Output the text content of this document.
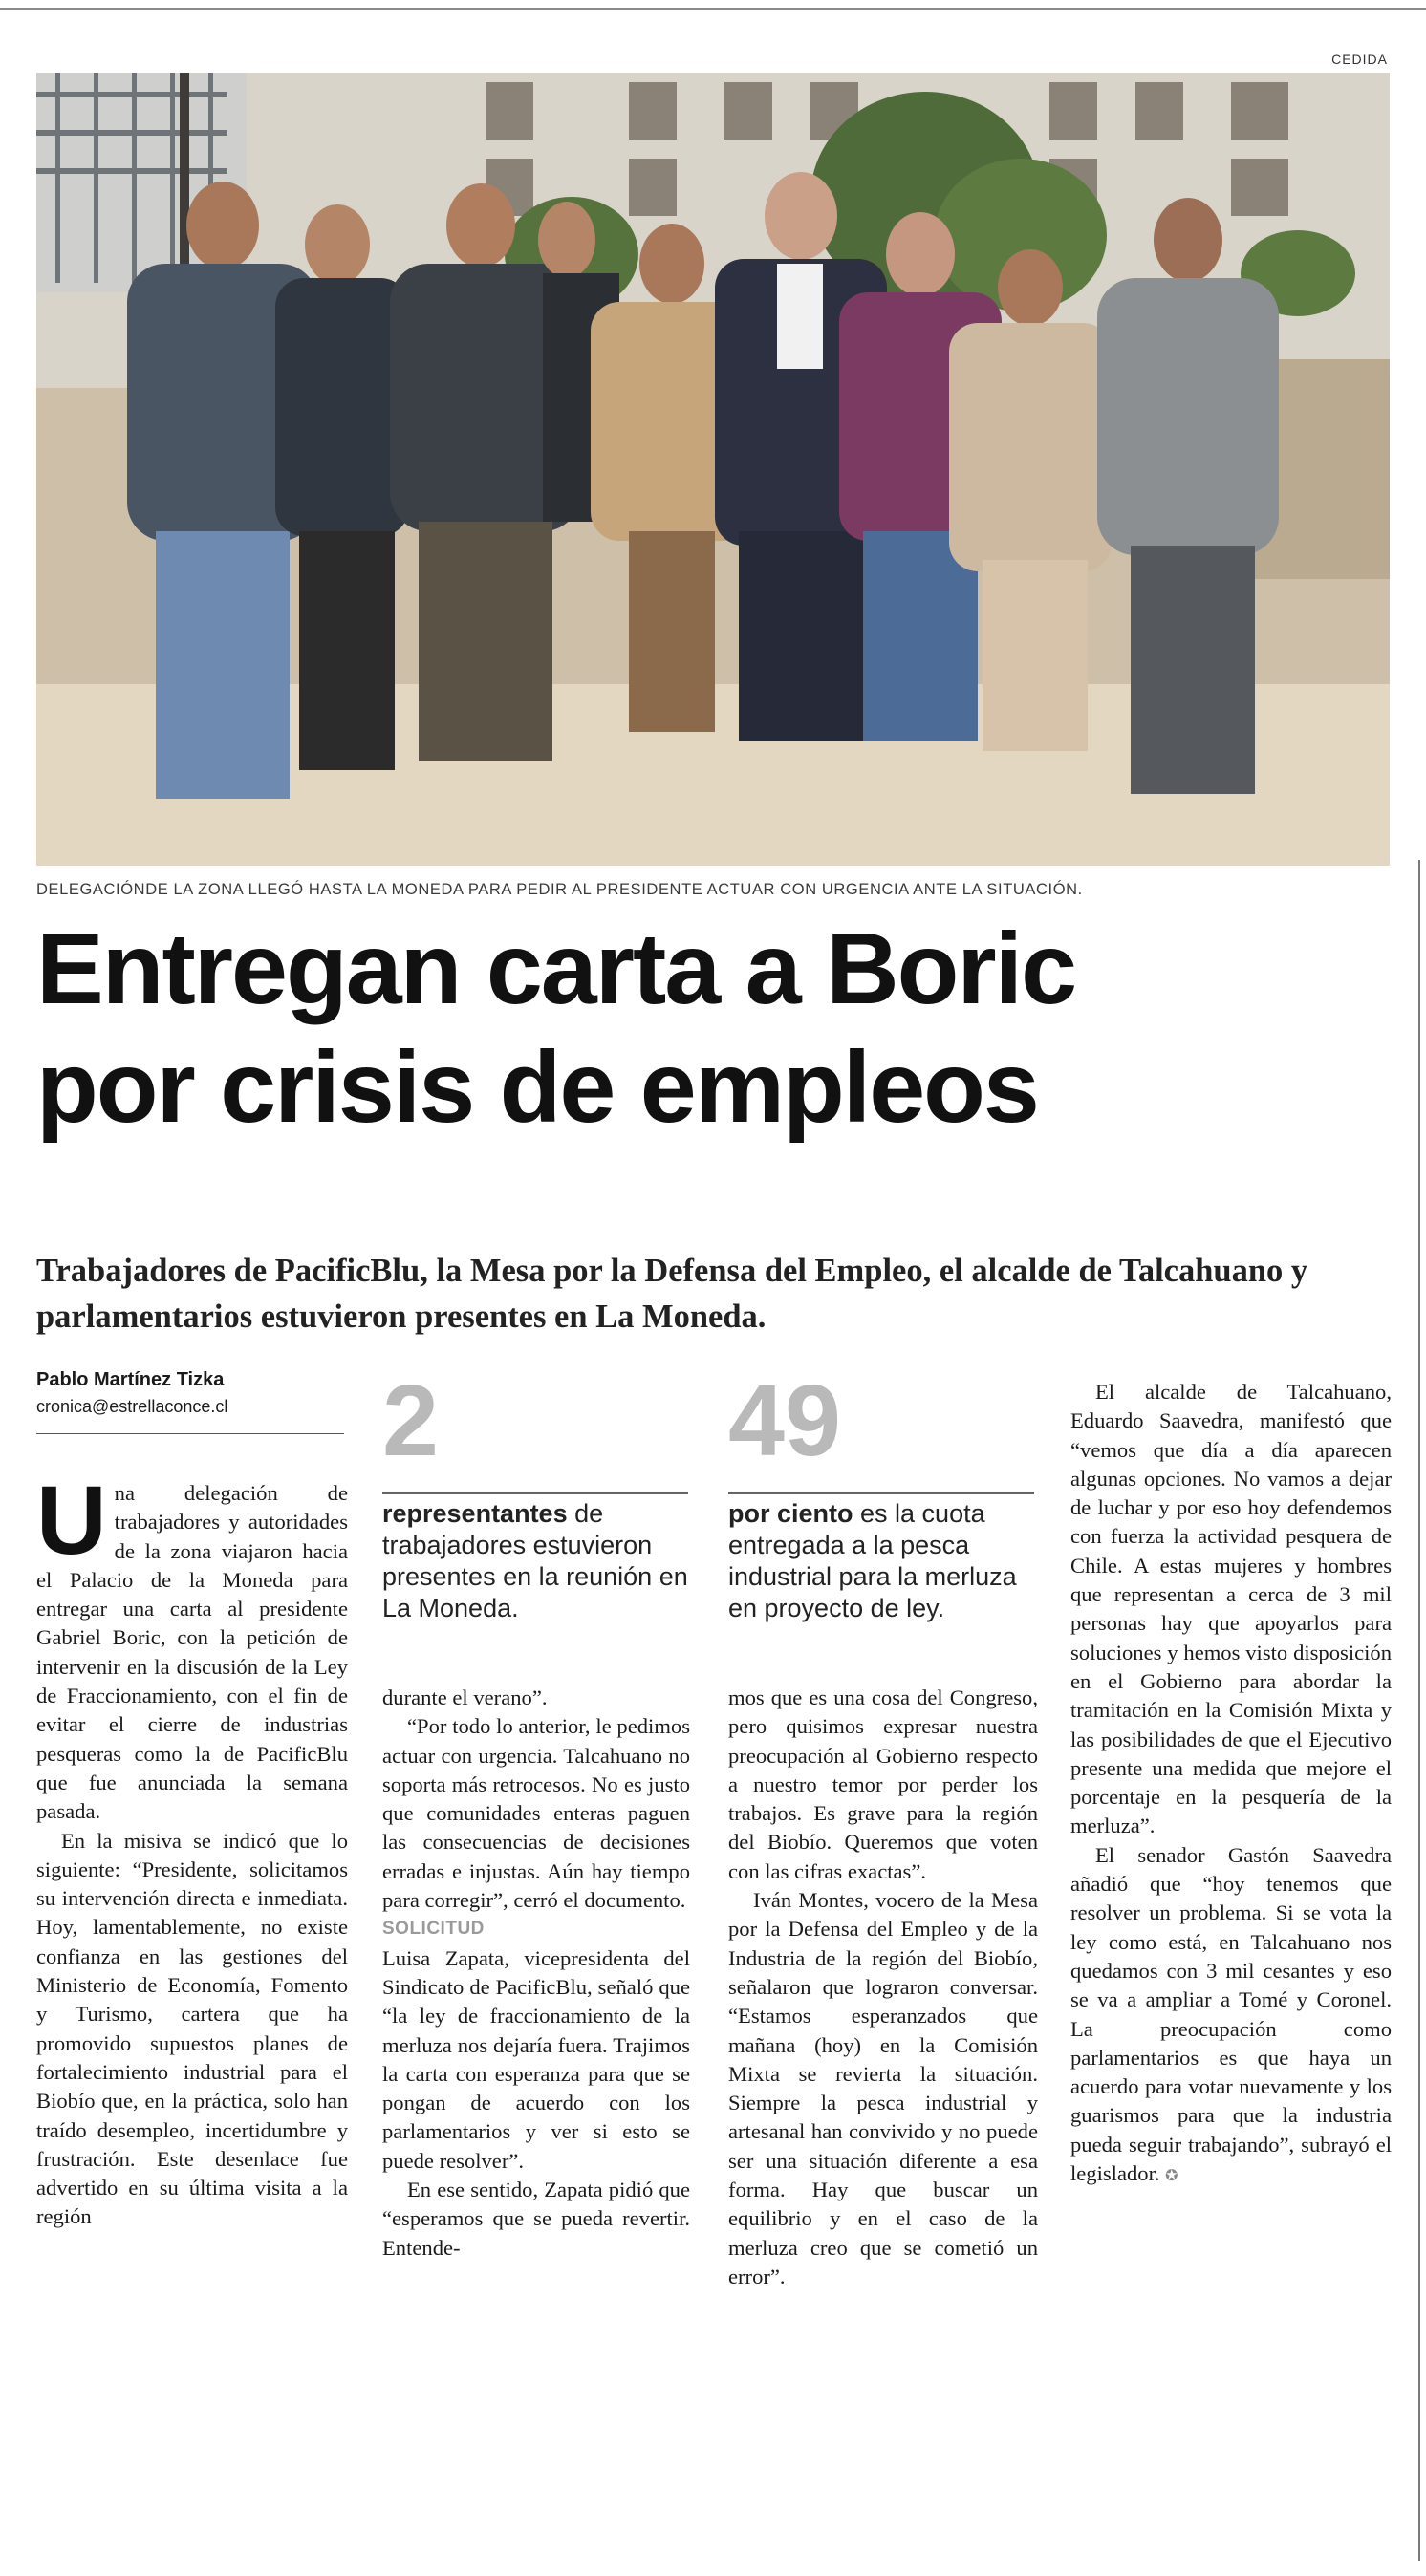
CEDIDA
DELEGACIÓNDE LA ZONA LLEGÓ HASTA LA MONEDA PARA PEDIR AL PRESIDENTE ACTUAR CON URGENCIA ANTE LA SITUACIÓN.
Entregan carta a Boric
por crisis de empleos

Trabajadores de PacificBlu, la Mesa por la Defensa del Empleo, el alcalde de Talcahuano y parlamentarios estuvieron presentes en La Moneda.

Pablo Martínez Tizka
cronica@estrellaconce.cl 2
representantes de trabajadores estuvieron presentes en la reunión en La Moneda.
49
por ciento es la cuota entregada a la pesca industrial para la merluza en proyecto de ley.

Una delegación de trabajadores y autoridades de la zona viajaron hacia el Palacio de la Moneda para entregar una carta al presidente Gabriel Boric, con la petición de intervenir en la discusión de la Ley de Fraccionamiento, con el fin de evitar el cierre de industrias pesqueras como la de PacificBlu que fue anunciada la semana pasada.

En la misiva se indicó que lo siguiente: “Presidente, solicitamos su intervención directa e inmediata. Hoy, lamentablemente, no existe confianza en las gestiones del Ministerio de Economía, Fomento y Turismo, cartera que ha promovido supuestos planes de fortalecimiento industrial para el Biobío que, en la práctica, solo han traído desempleo, incertidumbre y frustración. Este desenlace fue advertido en su última visita a la región

durante el verano”.

“Por todo lo anterior, le pedimos actuar con urgencia. Talcahuano no soporta más retrocesos. No es justo que comunidades enteras paguen las consecuencias de decisiones erradas e injustas. Aún hay tiempo para corregir”, cerró el documento.

SOLICITUD

Luisa Zapata, vicepresidenta del Sindicato de PacificBlu, señaló que “la ley de fraccionamiento de la merluza nos dejaría fuera. Trajimos la carta con esperanza para que se pongan de acuerdo con los parlamentarios y ver si esto se puede resolver”.

En ese sentido, Zapata pidió que “esperamos que se pueda revertir. Entende-

mos que es una cosa del Congreso, pero quisimos expresar nuestra preocupación al Gobierno respecto a nuestro temor por perder los trabajos. Es grave para la región del Biobío. Queremos que voten con las cifras exactas”.

Iván Montes, vocero de la Mesa por la Defensa del Empleo y de la Industria de la región del Biobío, señalaron que lograron conversar. “Estamos esperanzados que mañana (hoy) en la Comisión Mixta se revierta la situación. Siempre la pesca industrial y artesanal han convivido y no puede ser una situación diferente a esa forma. Hay que buscar un equilibrio y en el caso de la merluza creo que se cometió un error”.

El alcalde de Talcahuano, Eduardo Saavedra, manifestó que “vemos que día a día aparecen algunas opciones. No vamos a dejar de luchar y por eso hoy defendemos con fuerza la actividad pesquera de Chile. A estas mujeres y hombres que representan a cerca de 3 mil personas hay que apoyarlos para soluciones y hemos visto disposición en el Gobierno para abordar la tramitación en la Comisión Mixta y las posibilidades de que el Ejecutivo presente una medida que mejore el porcentaje en la pesquería de la merluza”.

El senador Gastón Saavedra añadió que “hoy tenemos que resolver un problema. Si se vota la ley como está, en Talcahuano nos quedamos con 3 mil cesantes y eso se va a ampliar a Tomé y Coronel. La preocupación como parlamentarios es que haya un acuerdo para votar nuevamente y los guarismos para que la industria pueda seguir trabajando”, subrayó el legislador. ✪
